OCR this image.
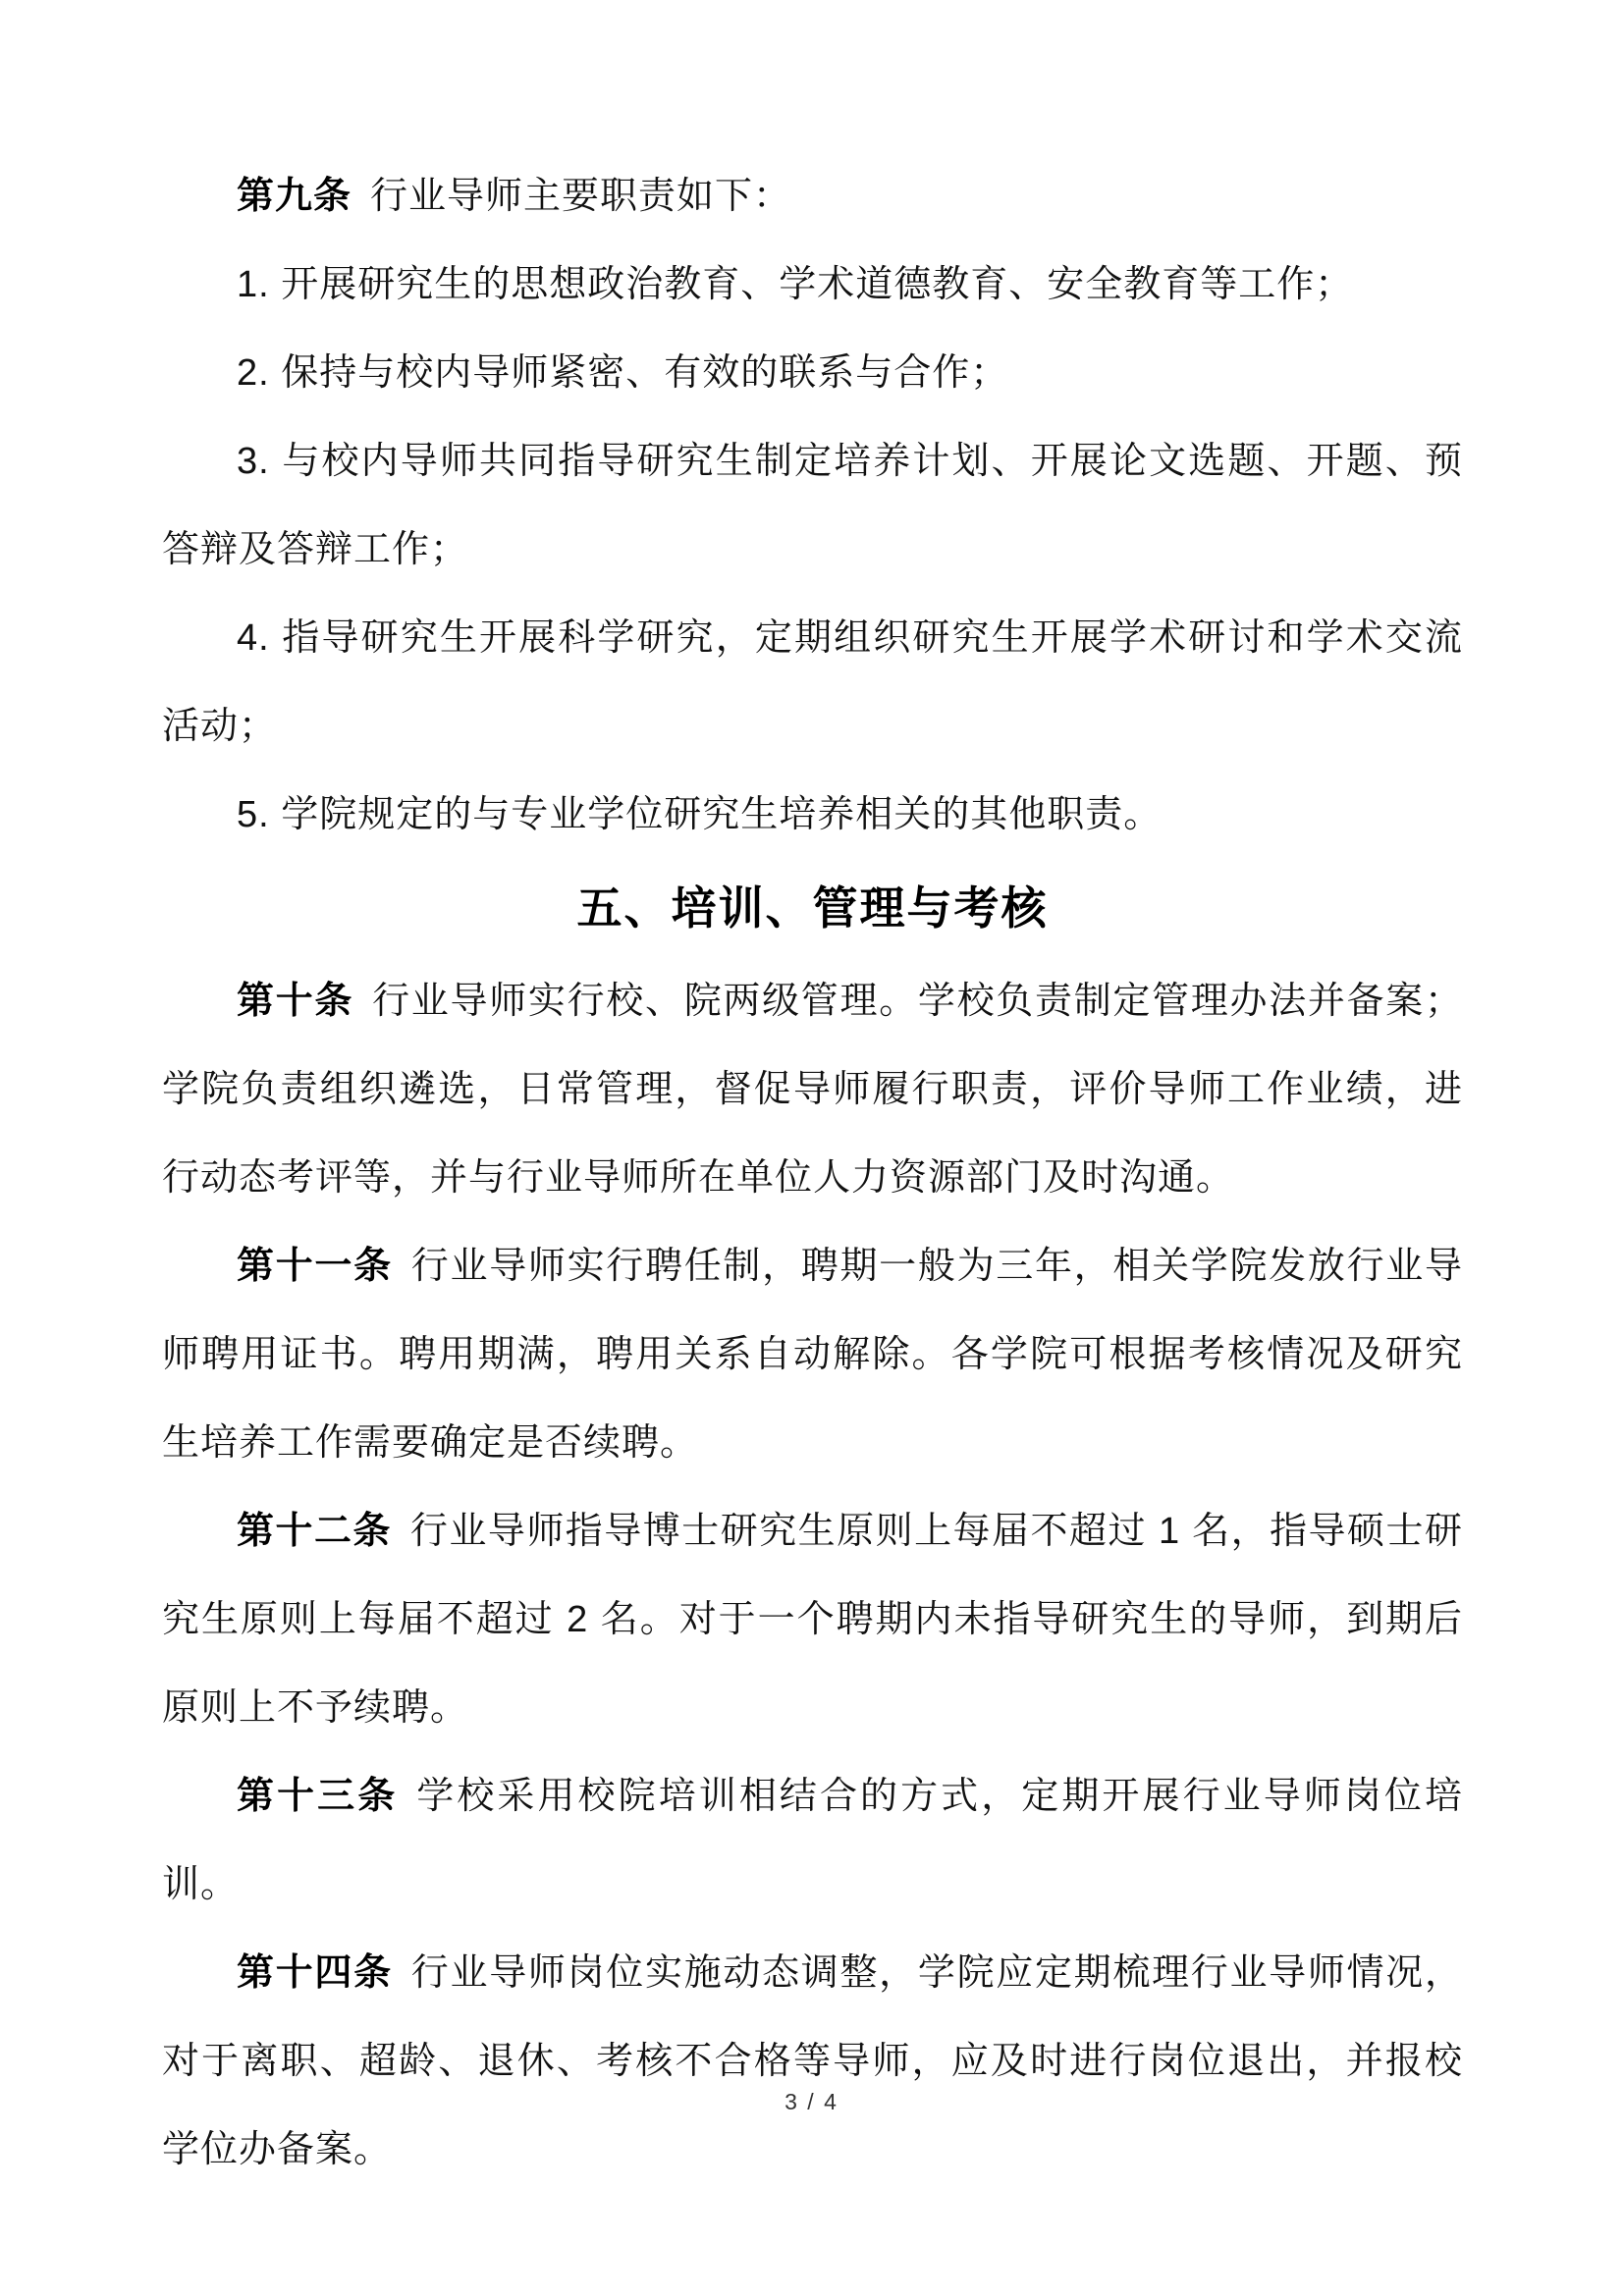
第九条 行业导师主要职责如下：

1. 开展研究生的思想政治教育、学术道德教育、安全教育等工作；

2. 保持与校内导师紧密、有效的联系与合作；

3. 与校内导师共同指导研究生制定培养计划、开展论文选题、开题、预答辩及答辩工作；

4. 指导研究生开展科学研究，定期组织研究生开展学术研讨和学术交流活动；

5. 学院规定的与专业学位研究生培养相关的其他职责。

五、培训、管理与考核

第十条 行业导师实行校、院两级管理。学校负责制定管理办法并备案；学院负责组织遴选，日常管理，督促导师履行职责，评价导师工作业绩，进行动态考评等，并与行业导师所在单位人力资源部门及时沟通。

第十一条 行业导师实行聘任制，聘期一般为三年，相关学院发放行业导师聘用证书。聘用期满，聘用关系自动解除。各学院可根据考核情况及研究生培养工作需要确定是否续聘。

第十二条 行业导师指导博士研究生原则上每届不超过 1 名，指导硕士研究生原则上每届不超过 2 名。对于一个聘期内未指导研究生的导师，到期后原则上不予续聘。

第十三条 学校采用校院培训相结合的方式，定期开展行业导师岗位培训。

第十四条 行业导师岗位实施动态调整，学院应定期梳理行业导师情况，对于离职、超龄、退休、考核不合格等导师，应及时进行岗位退出，并报校学位办备案。

3 / 4
